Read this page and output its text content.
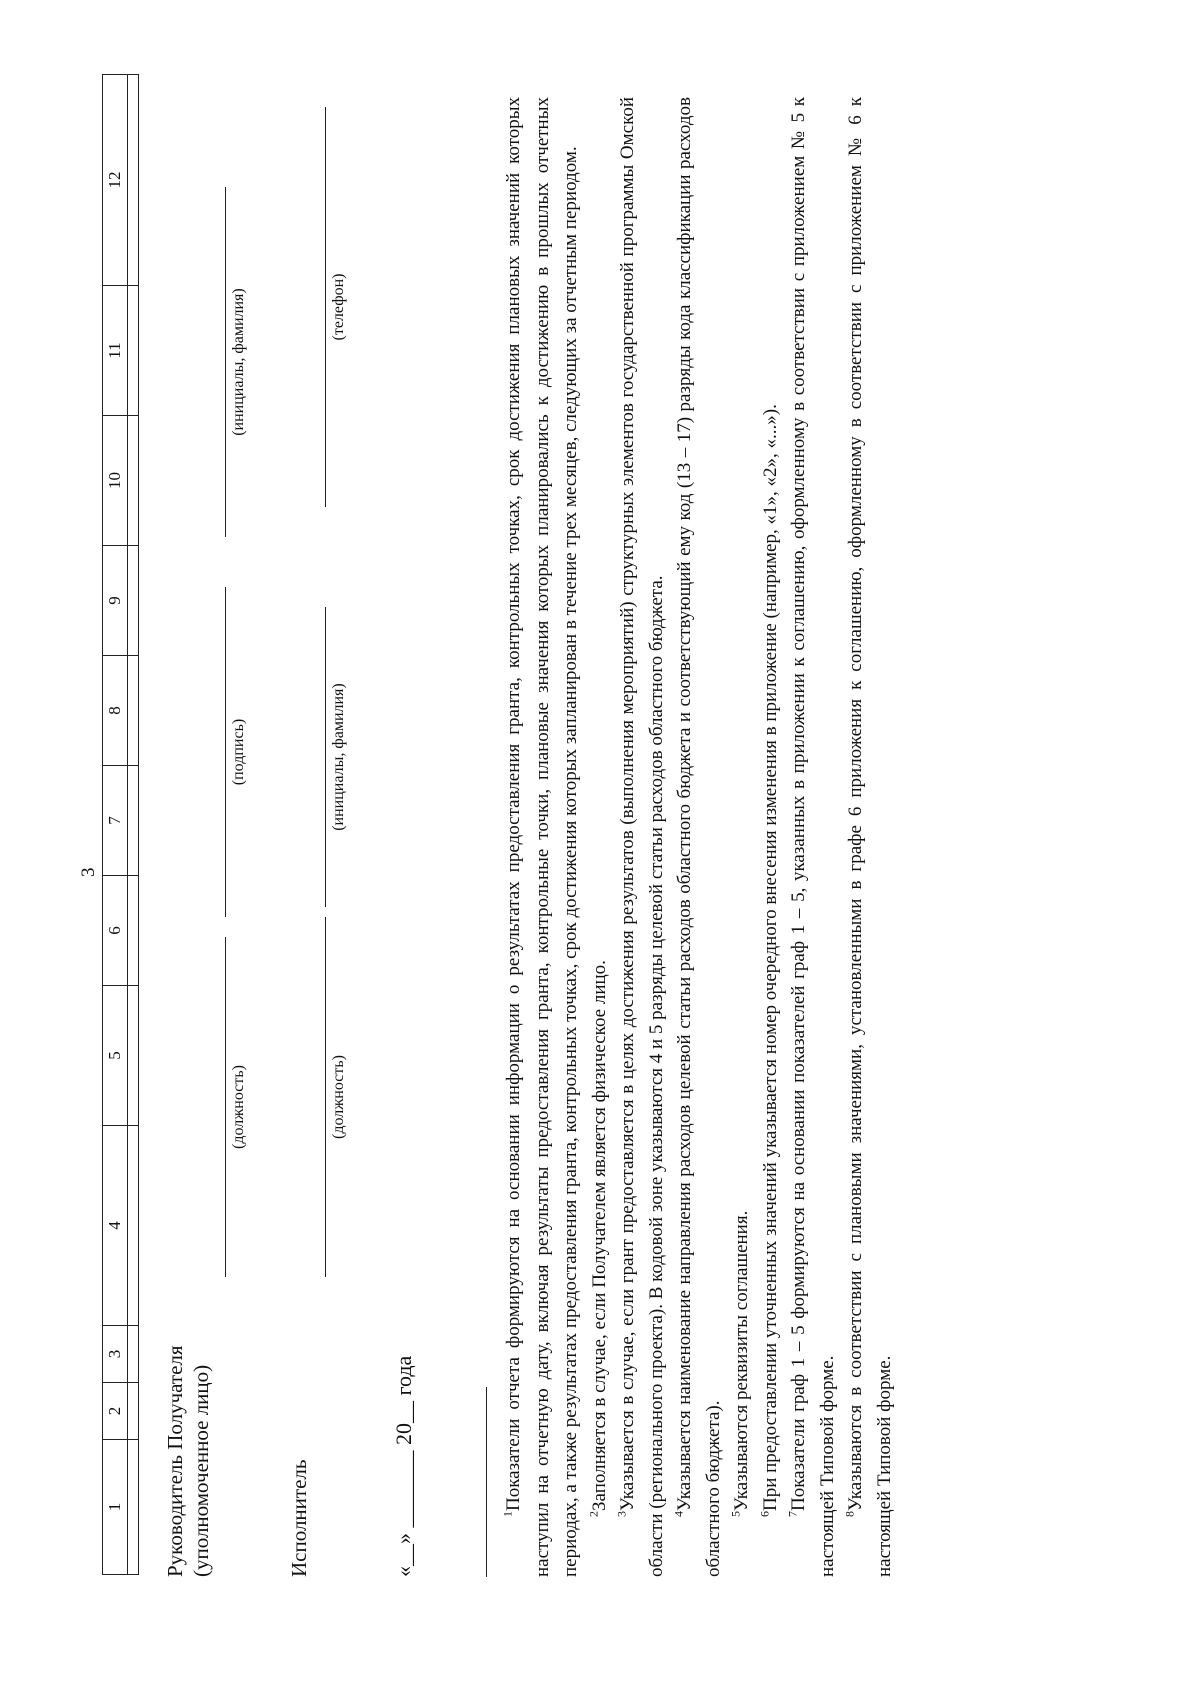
3
1	2	3	4	5	6	7	8	9	10	11	12

Руководитель Получателя (уполномоченное лицо)
(должность)
(подпись)
(инициалы, фамилия)
Исполнитель
(должность)
(инициалы, фамилия)
(телефон)
«__» _______ 20__ года	$^1$Показатели отчета формируются на основании информации о результатах предоставления гранта, контрольных точках, срок достижения плановых значений которых наступил на отчетную дату, включая результаты предоставления гранта, контрольные точки, плановые значения которых планировались к достижению в прошлых отчетных периодах, а также результатах предоставления гранта, контрольных точках, срок достижения которых запланирован в течение трех месяцев, следующих за отчетным периодом. $^2$Заполняется в случае, если Получателем является физическое лицо.

$^3$Указывается в случае, если грант предоставляется в целях достижения результатов (выполнения мероприятий) структурных элементов государственной программы Омской области (регионального проекта). В кодовой зоне указываются 4 и 5 разряды целевой статьи расходов областного бюджета. $^4$Указывается наименование направления расходов целевой статьи расходов областного бюджета и соответствующий ему код (13 – 17) разряды кода классификации расходов областного бюджета). $^5$Указываются реквизиты соглашения.

$^6$При предоставлении уточненных значений указывается номер очередного внесения изменения в приложение (например, «1», «2», «...»).

$^7$Показатели граф 1 – 5 формируются на основании показателей граф 1 – 5, указанных в приложении к соглашению, оформленному в соответствии с приложением № 5 к настоящей Типовой форме. $^8$Указываются в соответствии с плановыми значениями, установленными в графе 6 приложения к соглашению, оформленному в соответствии с приложением № 6 к настоящей Типовой форме.
